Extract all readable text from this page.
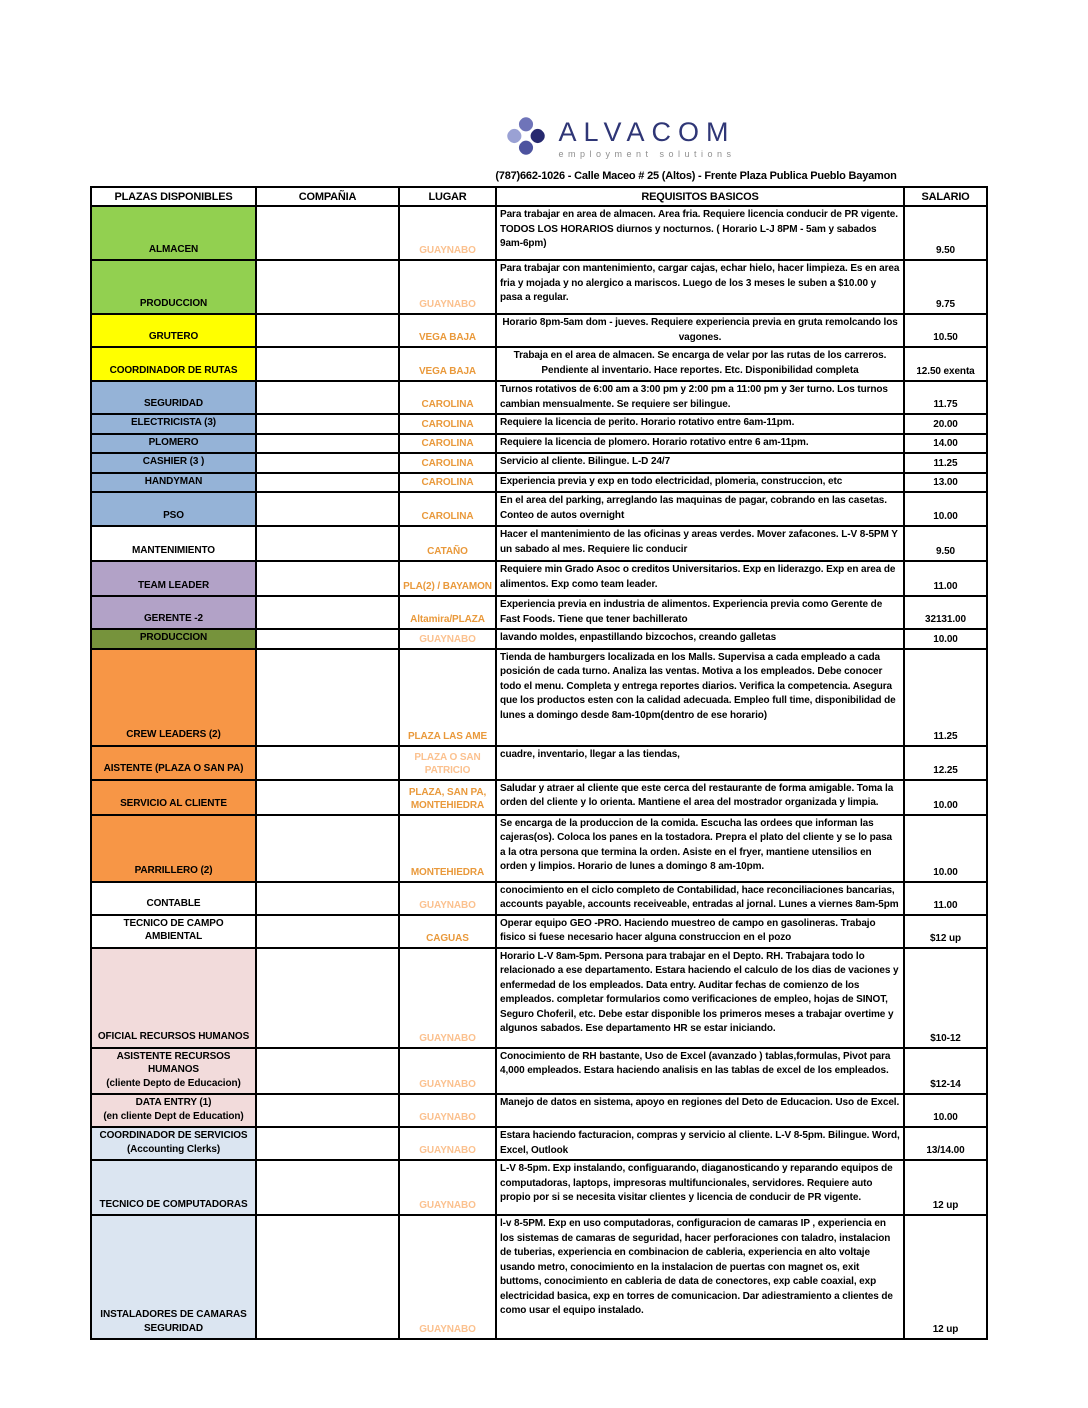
ALVACOM
employment solutions
(787)662-1026 - Calle Maceo # 25 (Altos) - Frente Plaza Publica Pueblo Bayamon
PLAZAS DISPONIBLES	COMPAÑIA	LUGAR	REQUISITOS BASICOS	SALARIO

ALMACEN		GUAYNABO	Para trabajar en area de almacen. Area fria. Requiere licencia conducir de PR vigente. TODOS LOS HORARIOS diurnos y nocturnos. ( Horario L-J 8PM - 5am y sabados 9am-6pm)	9.50

PRODUCCION		GUAYNABO	Para trabajar con mantenimiento, cargar cajas, echar hielo, hacer limpieza. Es en area fria y mojada y no alergico a mariscos. Luego de los 3 meses le suben a $10.00 y pasa a regular.	9.75

GRUTERO		VEGA BAJA	Horario 8pm-5am dom - jueves. Requiere experiencia previa en gruta remolcando los vagones.	10.50

COORDINADOR DE RUTAS		VEGA BAJA	Trabaja en el area de almacen. Se encarga de velar por las rutas de los carreros. Pendiente al inventario. Hace reportes. Etc. Disponibilidad completa	12.50 exenta

SEGURIDAD		CAROLINA	Turnos rotativos de 6:00 am a 3:00 pm y 2:00 pm a 11:00 pm y 3er turno. Los turnos cambian mensualmente. Se requiere ser bilingue.	11.75

ELECTRICISTA (3)		CAROLINA	Requiere la licencia de perito. Horario rotativo entre 6am-11pm.	20.00

PLOMERO		CAROLINA	Requiere la licencia de plomero. Horario rotativo entre 6 am-11pm.	14.00

CASHIER (3 )		CAROLINA	Servicio al cliente. Bilingue. L-D 24/7	11.25

HANDYMAN		CAROLINA	Experiencia previa y exp en todo electricidad, plomeria, construccion, etc	13.00

PSO		CAROLINA	En el area del parking, arreglando las maquinas de pagar, cobrando en las casetas. Conteo de autos overnight	10.00

MANTENIMIENTO		CATAÑO	Hacer el mantenimiento de las oficinas y areas verdes. Mover zafacones. L-V 8-5PM Y un sabado al mes. Requiere lic conducir	9.50

TEAM LEADER		PLA(2) / BAYAMON	Requiere min Grado Asoc o creditos Universitarios. Exp en liderazgo. Exp en area de alimentos. Exp como team leader.	11.00

GERENTE -2		Altamira/PLAZA	Experiencia previa en industria de alimentos. Experiencia previa como Gerente de Fast Foods. Tiene que tener bachillerato	32131.00

PRODUCCION		GUAYNABO	lavando moldes, enpastillando bizcochos, creando galletas	10.00

CREW LEADERS (2)		PLAZA LAS AME	Tienda de hamburgers localizada en los Malls. Supervisa a cada empleado a cada posición de cada turno. Analiza las ventas. Motiva a los empleados. Debe conocer todo el menu. Completa y entrega reportes diarios. Verifica la competencia. Asegura que los productos esten con la calidad adecuada. Empleo full time, disponibilidad de lunes a domingo desde 8am-10pm(dentro de ese horario)	11.25

AISTENTE (PLAZA O SAN PA)		PLAZA O SAN PATRICIO	cuadre, inventario, llegar a las tiendas,	12.25

SERVICIO AL CLIENTE		PLAZA, SAN PA, MONTEHIEDRA	Saludar y atraer al cliente que este cerca del restaurante de forma amigable. Toma la orden del cliente y lo orienta. Mantiene el area del mostrador organizada y limpia.	10.00

PARRILLERO (2)		MONTEHIEDRA	Se encarga de la produccion de la comida. Escucha las ordees que informan las cajeras(os). Coloca los panes en la tostadora. Prepra el plato del cliente y se lo pasa a la otra persona que termina la orden. Asiste en el fryer, mantiene utensilios en orden y limpios. Horario de lunes a domingo 8 am-10pm.	10.00

CONTABLE		GUAYNABO	conocimiento en el ciclo completo de Contabilidad, hace reconciliaciones bancarias, accounts payable, accounts receiveable, entradas al jornal. Lunes a viernes 8am-5pm	11.00

TECNICO DE CAMPO AMBIENTAL		CAGUAS	Operar equipo GEO -PRO. Haciendo muestreo de campo en gasolineras. Trabajo fisico si fuese necesario hacer alguna construccion en el pozo	$12 up

OFICIAL RECURSOS HUMANOS		GUAYNABO	Horario L-V 8am-5pm. Persona para trabajar en el Depto. RH. Trabajara todo lo relacionado a ese departamento. Estara haciendo el calculo de los dias de vaciones y enfermedad de los empleados. Data entry. Auditar fechas de comienzo de los empleados. completar formularios como verificaciones de empleo, hojas de SINOT, Seguro Choferil, etc. Debe estar disponible los primeros meses a trabajar overtime y algunos sabados. Ese departamento HR se estar iniciando.	$10-12

ASISTENTE RECURSOS HUMANOS
(cliente Depto de Educacion)		GUAYNABO	Conocimiento de RH bastante, Uso de Excel (avanzado ) tablas,formulas, Pivot para 4,000 empleados. Estara haciendo analisis en las tablas de excel de los empleados.	$12-14

DATA ENTRY (1)
(en cliente Dept de Education)		GUAYNABO	Manejo de datos en sistema, apoyo en regiones del Deto de Educacion. Uso de Excel.	10.00

COORDINADOR DE SERVICIOS
(Accounting Clerks)		GUAYNABO	Estara haciendo facturacion, compras y servicio al cliente. L-V 8-5pm. Bilingue. Word, Excel, Outlook	13/14.00

TECNICO DE COMPUTADORAS		GUAYNABO	L-V 8-5pm. Exp instalando, configuarando, diaganosticando y reparando equipos de computadoras, laptops, impresoras multifuncionales, servidores. Requiere auto propio por si se necesita visitar clientes y licencia de conducir de PR vigente.	12 up

INSTALADORES DE CAMARAS
SEGURIDAD		GUAYNABO	l-v 8-5PM. Exp en uso computadoras, configuracion de camaras IP , experiencia en los sistemas de camaras de seguridad, hacer perforaciones con taladro, instalacion de tuberias, experiencia en combinacion de cableria, experiencia en alto voltaje usando metro, conocimiento en la instalacion de puertas con magnet os, exit buttoms, conocimiento en cableria de data de conectores, exp cable coaxial, exp electricidad basica, exp en torres de comunicacion. Dar adiestramiento a clientes de como usar el equipo instalado.	12 up
